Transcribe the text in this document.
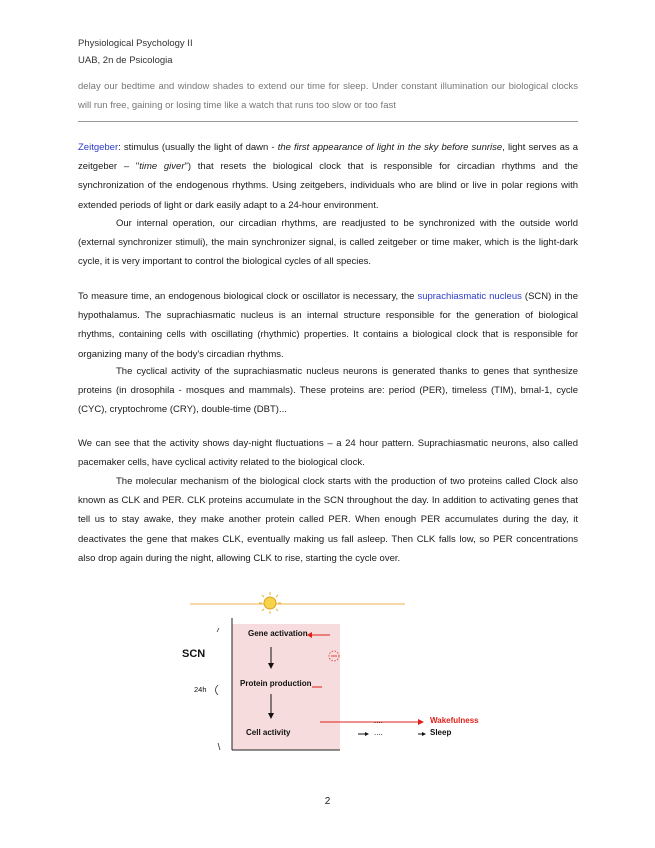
Physiological Psychology II
UAB, 2n de Psicologia
delay our bedtime and window shades to extend our time for sleep. Under constant illumination our biological clocks will run free, gaining or losing time like a watch that runs too slow or too fast

Zeitgeber: stimulus (usually the light of dawn - the first appearance of light in the sky before sunrise, light serves as a zeitgeber – "time giver") that resets the biological clock that is responsible for circadian rhythms and the synchronization of the endogenous rhythms. Using zeitgebers, individuals who are blind or live in polar regions with extended periods of light or dark easily adapt to a 24-hour environment.

Our internal operation, our circadian rhythms, are readjusted to be synchronized with the outside world (external synchronizer stimuli), the main synchronizer signal, is called zeitgeber or time maker, which is the light-dark cycle, it is very important to control the biological cycles of all species.

To measure time, an endogenous biological clock or oscillator is necessary, the suprachiasmatic nucleus (SCN) in the hypothalamus. The suprachiasmatic nucleus is an internal structure responsible for the generation of biological rhythms, containing cells with oscillating (rhythmic) properties. It contains a biological clock that is responsible for organizing many of the body's circadian rhythms.

The cyclical activity of the suprachiasmatic nucleus neurons is generated thanks to genes that synthesize proteins (in drosophila - mosques and mammals). These proteins are: period (PER), timeless (TIM), bmal-1, cycle (CYC), cryptochrome (CRY), double-time (DBT)...

We can see that the activity shows day-night fluctuations – a 24 hour pattern. Suprachiasmatic neurons, also called pacemaker cells, have cyclical activity related to the biological clock.

The molecular mechanism of the biological clock starts with the production of two proteins called Clock also known as CLK and PER. CLK proteins accumulate in the SCN throughout the day. In addition to activating genes that tell us to stay awake, they make another protein called PER. When enough PER accumulates during the day, it deactivates the gene that makes CLK, eventually making us fall asleep. Then CLK falls low, so PER concentrations also drop again during the night, allowing CLK to rise, starting the cycle over.

SCN
24h
Gene activation
Protein production
Cell activity
....
....
Wakefulness
Sleep
2
